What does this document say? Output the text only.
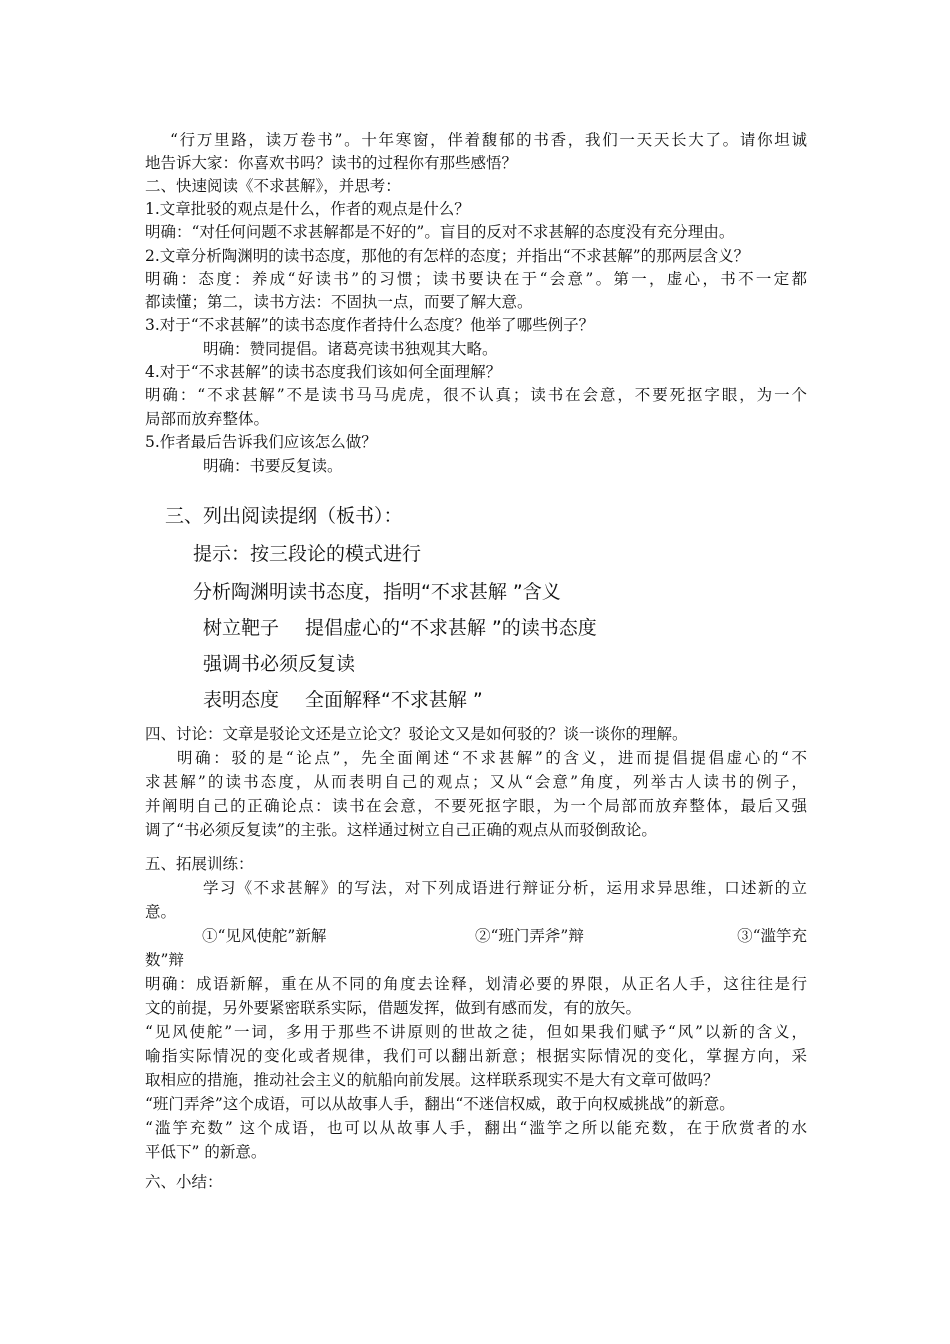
“行万里路，读万卷书”。十年寒窗，伴着馥郁的书香，我们一天天长大了。请你坦诚
地告诉大家：你喜欢书吗？读书的过程你有那些感悟？
二、快速阅读《不求甚解》，并思考：
1.文章批驳的观点是什么，作者的观点是什么？
明确：“对任何问题不求甚解都是不好的”。盲目的反对不求甚解的态度没有充分理由。
2.文章分析陶渊明的读书态度，那他的有怎样的态度；并指出“不求甚解”的那两层含义？
明确：态度：养成“好读书”的习惯；读书要诀在于“会意”。第一，虚心，书不一定都
都读懂；第二，读书方法：不固执一点，而要了解大意。
3.对于“不求甚解”的读书态度作者持什么态度？他举了哪些例子？
明确：赞同提倡。诸葛亮读书独观其大略。
4.对于“不求甚解”的读书态度我们该如何全面理解？
明确：“不求甚解”不是读书马马虎虎，很不认真；读书在会意，不要死抠字眼，为一个
局部而放弃整体。
5.作者最后告诉我们应该怎么做？
明确：书要反复读。
三、列出阅读提纲（板书）：
提示：按三段论的模式进行
分析陶渊明读书态度，指明“不求甚解 ”含义
树立靶子 提倡虚心的“不求甚解 ”的读书态度
强调书必须反复读
表明态度 全面解释“不求甚解 ”
四、讨论：文章是驳论文还是立论文？驳论文又是如何驳的？谈一谈你的理解。
明确：驳的是“论点”，先全面阐述“不求甚解”的含义，进而提倡提倡虚心的“不
求甚解”的读书态度，从而表明自己的观点；又从“会意”角度，列举古人读书的例子，
并阐明自己的正确论点：读书在会意，不要死抠字眼，为一个局部而放弃整体，最后又强
调了“书必须反复读”的主张。这样通过树立自己正确的观点从而驳倒敌论。
五、拓展训练：
学习《不求甚解》的写法，对下列成语进行辩证分析，运用求异思维，口述新的立
意。
①“见风使舵”新解	②“班门弄斧”辩	③“滥竽充
数”辩
明确：成语新解，重在从不同的角度去诠释，划清必要的界限，从正名人手，这往往是行
文的前提，另外要紧密联系实际，借题发挥，做到有感而发，有的放矢。
“见风使舵”一词，多用于那些不讲原则的世故之徒，但如果我们赋予“风”以新的含义，
喻指实际情况的变化或者规律，我们可以翻出新意；根据实际情况的变化，掌握方向，采
取相应的措施，推动社会主义的航船向前发展。这样联系现实不是大有文章可做吗？
“班门弄斧”这个成语，可以从故事人手，翻出“不迷信权威，敢于向权威挑战”的新意。
“滥竽充数” 这个成语，也可以从故事人手，翻出“滥竽之所以能充数，在于欣赏者的水
平低下” 的新意。
六、小结：
